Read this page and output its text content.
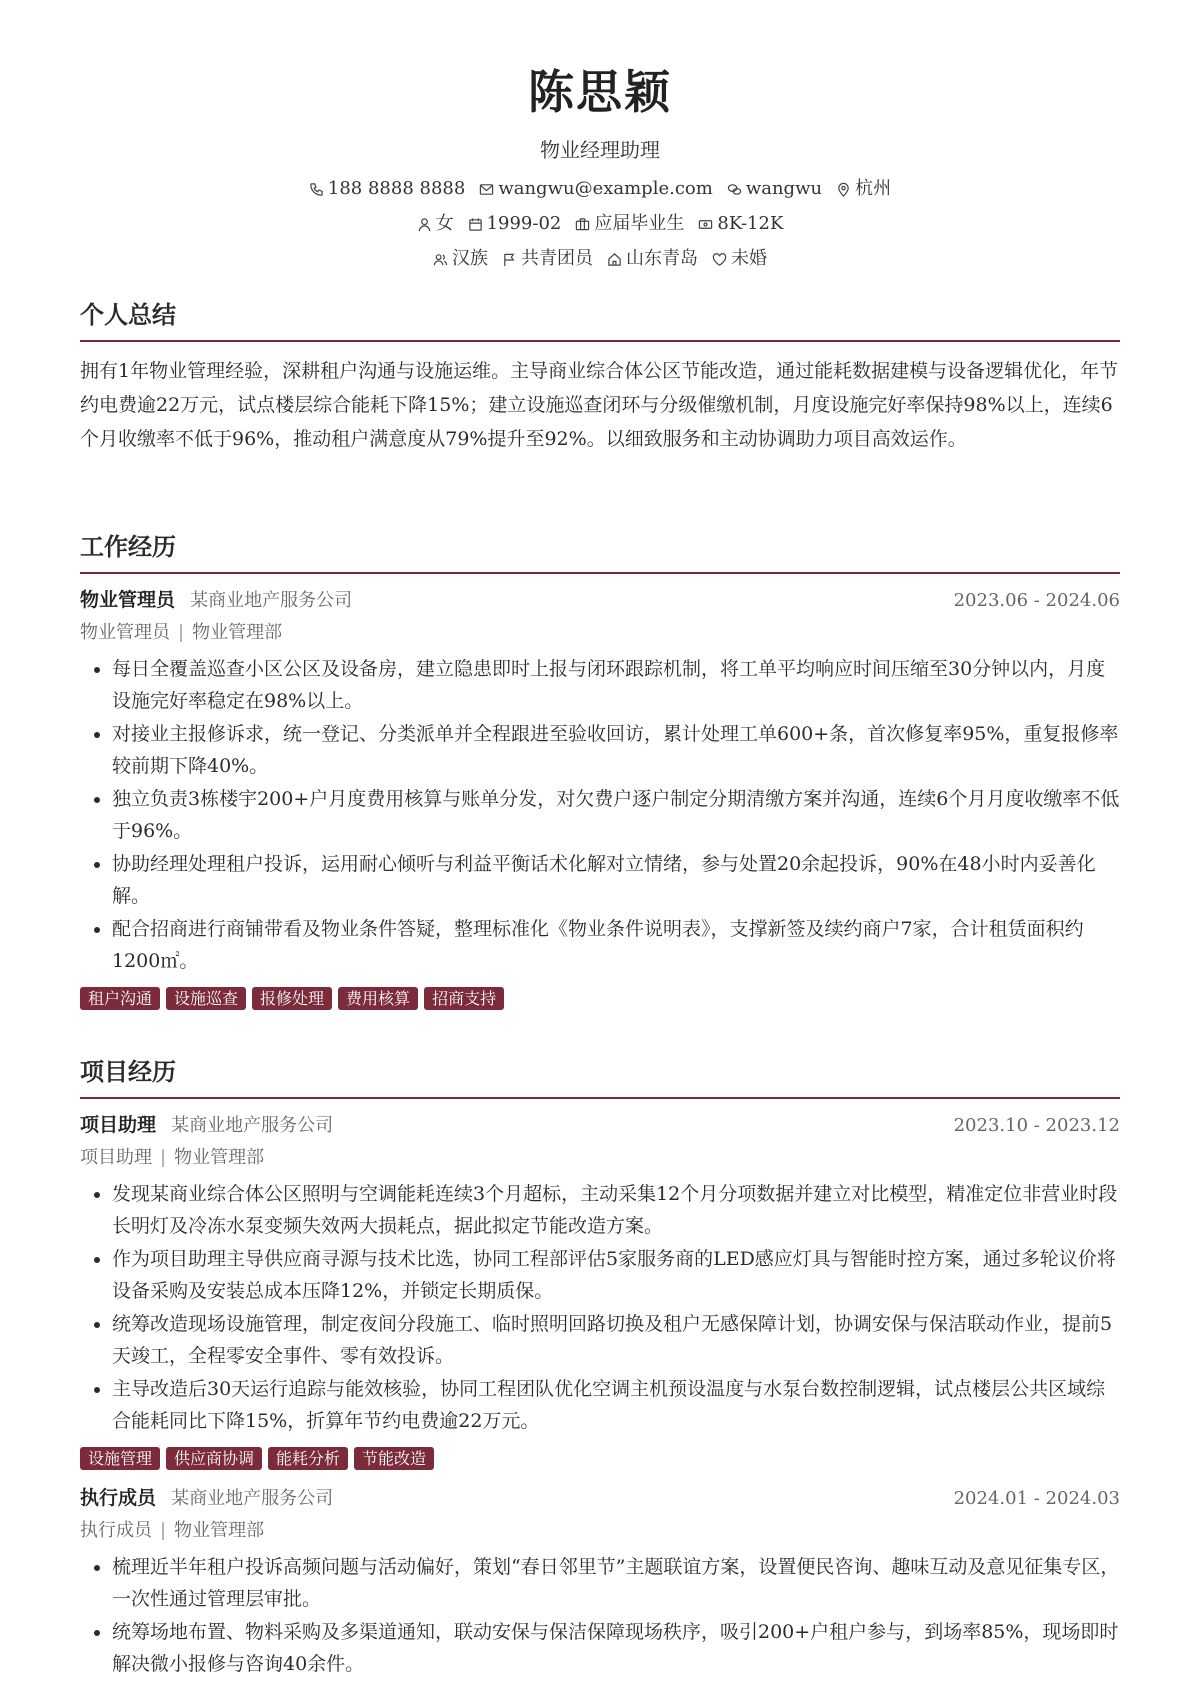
陈思颖
物业经理助理
188 8888 8888 wangwu@example.com wangwu 杭州
女 1999-02 应届毕业生 8K-12K
汉族 共青团员 山东青岛 未婚
个人总结
拥有1年物业管理经验，深耕租户沟通与设施运维。主导商业综合体公区节能改造，通过能耗数据建模与设备逻辑优化，年节约电费逾22万元，试点楼层综合能耗下降15%；建立设施巡查闭环与分级催缴机制，月度设施完好率保持98%以上，连续6个月收缴率不低于96%，推动租户满意度从79%提升至92%。以细致服务和主动协调助力项目高效运作。
工作经历
物业管理员 某商业地产服务公司	2023.06 - 2024.06
物业管理员 | 物业管理部
• 每日全覆盖巡查小区公区及设备房，建立隐患即时上报与闭环跟踪机制，将工单平均响应时间压缩至30分钟以内，月度设施完好率稳定在98%以上。
• 对接业主报修诉求，统一登记、分类派单并全程跟进至验收回访，累计处理工单600+条，首次修复率95%，重复报修率较前期下降40%。
• 独立负责3栋楼宇200+户月度费用核算与账单分发，对欠费户逐户制定分期清缴方案并沟通，连续6个月月度收缴率不低于96%。
• 协助经理处理租户投诉，运用耐心倾听与利益平衡话术化解对立情绪，参与处置20余起投诉，90%在48小时内妥善化解。
• 配合招商进行商铺带看及物业条件答疑，整理标准化《物业条件说明表》，支撑新签及续约商户7家，合计租赁面积约1200㎡。
租户沟通	设施巡查	报修处理	费用核算	招商支持
项目经历
项目助理 某商业地产服务公司	2023.10 - 2023.12
项目助理 | 物业管理部
• 发现某商业综合体公区照明与空调能耗连续3个月超标，主动采集12个月分项数据并建立对比模型，精准定位非营业时段长明灯及冷冻水泵变频失效两大损耗点，据此拟定节能改造方案。
• 作为项目助理主导供应商寻源与技术比选，协同工程部评估5家服务商的LED感应灯具与智能时控方案，通过多轮议价将设备采购及安装总成本压降12%，并锁定长期质保。
• 统筹改造现场设施管理，制定夜间分段施工、临时照明回路切换及租户无感保障计划，协调安保与保洁联动作业，提前5天竣工，全程零安全事件、零有效投诉。
• 主导改造后30天运行追踪与能效核验，协同工程团队优化空调主机预设温度与水泵台数控制逻辑，试点楼层公共区域综合能耗同比下降15%，折算年节约电费逾22万元。
设施管理	供应商协调	能耗分析	节能改造
执行成员 某商业地产服务公司	2024.01 - 2024.03
执行成员 | 物业管理部
• 梳理近半年租户投诉高频问题与活动偏好，策划“春日邻里节”主题联谊方案，设置便民咨询、趣味互动及意见征集专区，一次性通过管理层审批。
• 统筹场地布置、物料采购及多渠道通知，联动安保与保洁保障现场秩序，吸引200+户租户参与，到场率85%，现场即时解决微小报修与咨询40余件。
